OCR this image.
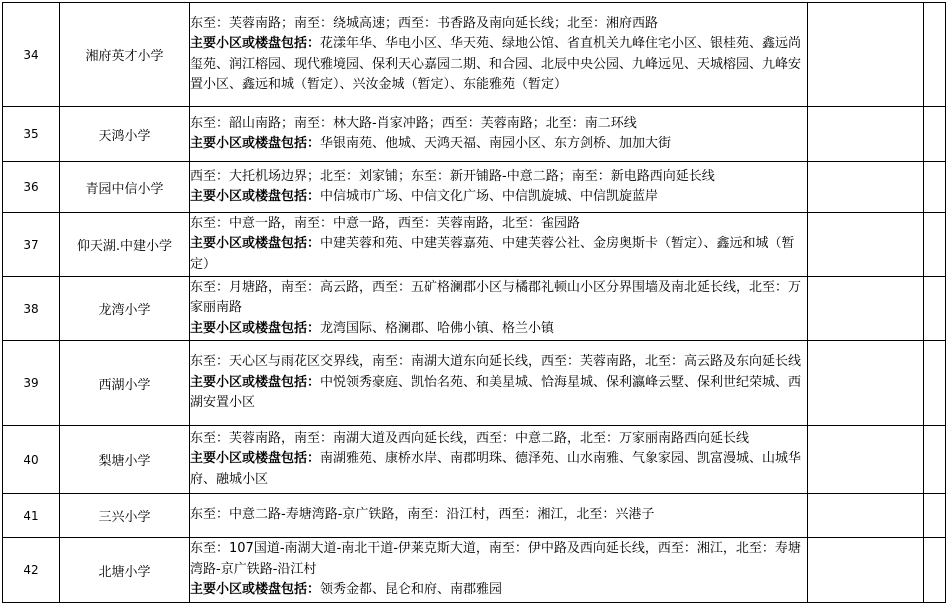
34	湘府英才小学	东至：芙蓉南路；南至：绕城高速；西至：书香路及南向延长线；北至：湘府西路
主要小区或楼盘包括：花漾年华、华电小区、华天苑、绿地公馆、省直机关九峰住宅小区、银桂苑、鑫远尚玺苑、润江榕园、现代雅境园、保利天心嘉园二期、和合园、北辰中央公园、九峰远见、天城榕园、九峰安置小区、鑫远和城（暂定）、兴汝金城（暂定）、东能雅苑（暂定）		

35	天鸿小学	东至：韶山南路；南至：林大路-肖家冲路；西至：芙蓉南路；北至：南二环线
主要小区或楼盘包括：华银南苑、他城、天鸿天福、南园小区、东方剑桥、加加大街		

36	青园中信小学	西至：大托机场边界；北至：刘家铺；东至：新开铺路-中意二路；南至：新电路西向延长线
主要小区或楼盘包括：中信城市广场、中信文化广场、中信凯旋城、中信凯旋蓝岸		

37	仰天湖.中建小学	东至：中意一路，南至：中意一路，西至：芙蓉南路，北至：雀园路
主要小区或楼盘包括：中建芙蓉和苑、中建芙蓉嘉苑、中建芙蓉公社、金房奥斯卡（暂定）、鑫远和城（暂定）		

38	龙湾小学	东至：月塘路，南至：高云路，西至：五矿格澜郡小区与橘郡礼顿山小区分界围墙及南北延长线，北至：万家丽南路
主要小区或楼盘包括：龙湾国际、格澜郡、哈佛小镇、格兰小镇		

39	西湖小学	东至：天心区与雨花区交界线，南至：南湖大道东向延长线，西至：芙蓉南路，北至：高云路及东向延长线
主要小区或楼盘包括：中悦领秀豪庭、凯怡名苑、和美星城、恰海星城、保利瀛峰云墅、保利世纪荣城、西湖安置小区		

40	梨塘小学	东至：芙蓉南路，南至：南湖大道及西向延长线，西至：中意二路，北至：万家丽南路西向延长线
主要小区或楼盘包括：南湖雅苑、康桥水岸、南郡明珠、德泽苑、山水南雅、气象家园、凯富漫城、山城华府、融城小区		

41	三兴小学	东至：中意二路-寿塘湾路-京广铁路，南至：沿江村，西至：湘江，北至：兴港子		

42	北塘小学	东至：107国道-南湖大道-南北干道-伊莱克斯大道，南至：伊中路及西向延长线，西至：湘江，北至：寿塘湾路-京广铁路-沿江村
主要小区或楼盘包括：领秀金都、昆仑和府、南郡雅园		
